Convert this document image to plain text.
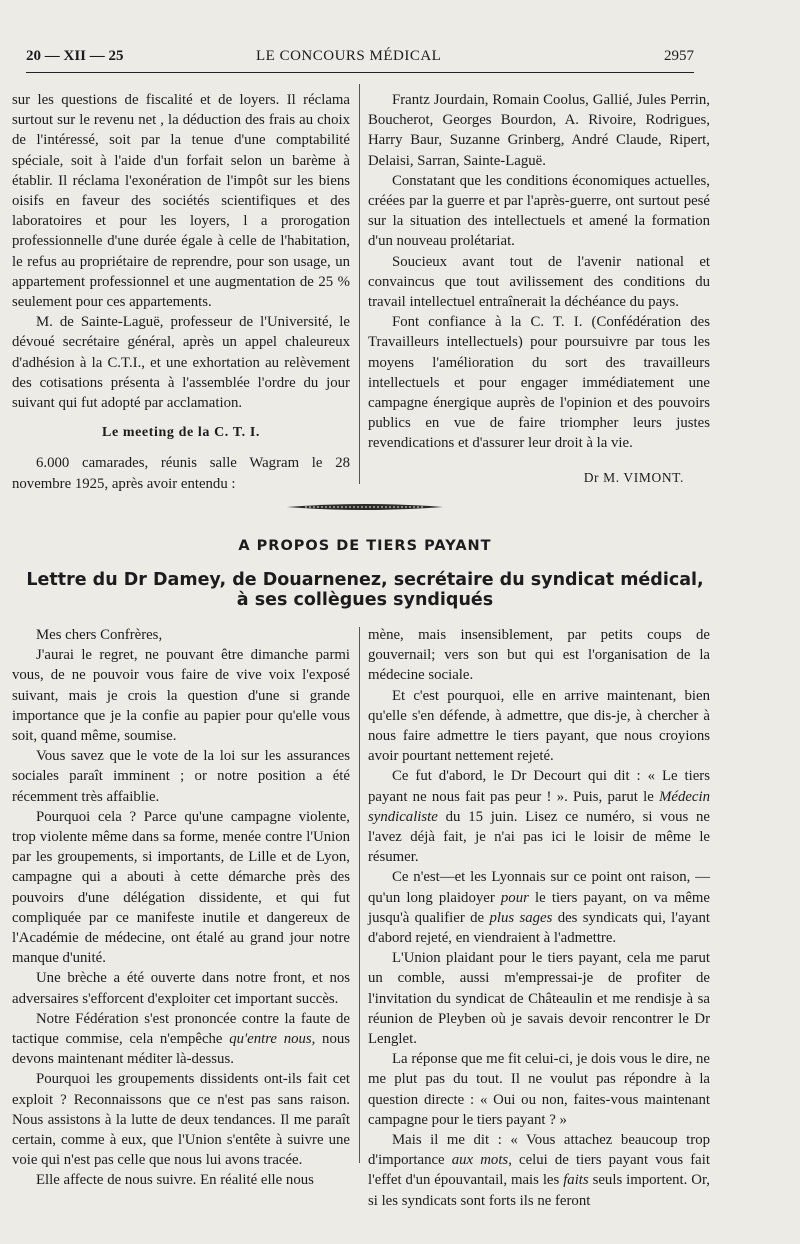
20 — XII — 25	LE CONCOURS MÉDICAL	2957

sur les questions de fiscalité et de loyers. Il réclama surtout sur le revenu net , la déduction des frais au choix de l'intéressé, soit par la tenue d'une comptabilité spéciale, soit à l'aide d'un forfait selon un barème à établir. Il réclama l'exonération de l'impôt sur les biens oisifs en faveur des sociétés scientifiques et des laboratoires et pour les loyers, l a prorogation professionnelle d'une durée égale à celle de l'habitation, le refus au propriétaire de reprendre, pour son usage, un appartement professionnel et une augmentation de 25 % seulement pour ces appartements.

M. de Sainte-Laguë, professeur de l'Université, le dévoué secrétaire général, après un appel chaleureux d'adhésion à la C.T.I., et une exhortation au relèvement des cotisations présenta à l'assemblée l'ordre du jour suivant qui fut adopté par acclamation.

Le meeting de la C. T. I.

6.000 camarades, réunis salle Wagram le 28 novembre 1925, après avoir entendu :

Frantz Jourdain, Romain Coolus, Gallié, Jules Perrin, Boucherot, Georges Bourdon, A. Rivoire, Rodrigues, Harry Baur, Suzanne Grinberg, André Claude, Ripert, Delaisi, Sarran, Sainte-Laguë.

Constatant que les conditions économiques actuelles, créées par la guerre et par l'après-guerre, ont surtout pesé sur la situation des intellectuels et amené la formation d'un nouveau prolétariat.

Soucieux avant tout de l'avenir national et convaincus que tout avilissement des conditions du travail intellectuel entraînerait la déchéance du pays.

Font confiance à la C. T. I. (Confédération des Travailleurs intellectuels) pour poursuivre par tous les moyens l'amélioration du sort des travailleurs intellectuels et pour engager immédiatement une campagne énergique auprès de l'opinion et des pouvoirs publics en vue de faire triompher leurs justes revendications et d'assurer leur droit à la vie.

Dr M. VIMONT.

A PROPOS DE TIERS PAYANT
Lettre du Dr Damey, de Douarnenez, secrétaire du syndicat médical,
à ses collègues syndiqués

Mes chers Confrères,

J'aurai le regret, ne pouvant être dimanche parmi vous, de ne pouvoir vous faire de vive voix l'exposé suivant, mais je crois la question d'une si grande importance que je la confie au papier pour qu'elle vous soit, quand même, soumise.

Vous savez que le vote de la loi sur les assurances sociales paraît imminent ; or notre position a été récemment très affaiblie.

Pourquoi cela ? Parce qu'une campagne violente, trop violente même dans sa forme, menée contre l'Union par les groupements, si importants, de Lille et de Lyon, campagne qui a abouti à cette démarche près des pouvoirs d'une délégation dissidente, et qui fut compliquée par ce manifeste inutile et dangereux de l'Académie de médecine, ont étalé au grand jour notre manque d'unité.

Une brèche a été ouverte dans notre front, et nos adversaires s'efforcent d'exploiter cet important succès.

Notre Fédération s'est prononcée contre la faute de tactique commise, cela n'empêche qu'entre nous, nous devons maintenant méditer là-dessus.

Pourquoi les groupements dissidents ont-ils fait cet exploit ? Reconnaissons que ce n'est pas sans raison. Nous assistons à la lutte de deux tendances. Il me paraît certain, comme à eux, que l'Union s'entête à suivre une voie qui n'est pas celle que nous lui avons tracée.

Elle affecte de nous suivre. En réalité elle nous

mène, mais insensiblement, par petits coups de gouvernail; vers son but qui est l'organisation de la médecine sociale.

Et c'est pourquoi, elle en arrive maintenant, bien qu'elle s'en défende, à admettre, que dis-je, à chercher à nous faire admettre le tiers payant, que nous croyions avoir pourtant nettement rejeté.

Ce fut d'abord, le Dr Decourt qui dit : « Le tiers payant ne nous fait pas peur ! ». Puis, parut le Médecin syndicaliste du 15 juin. Lisez ce numéro, si vous ne l'avez déjà fait, je n'ai pas ici le loisir de même le résumer.

Ce n'est—et les Lyonnais sur ce point ont raison, — qu'un long plaidoyer pour le tiers payant, on va même jusqu'à qualifier de plus sages des syndicats qui, l'ayant d'abord rejeté, en viendraient à l'admettre.

L'Union plaidant pour le tiers payant, cela me parut un comble, aussi m'empressai-je de profiter de l'invitation du syndicat de Châteaulin et me rendisje à sa réunion de Pleyben où je savais devoir rencontrer le Dr Lenglet.

La réponse que me fit celui-ci, je dois vous le dire, ne me plut pas du tout. Il ne voulut pas répondre à la question directe : « Oui ou non, faites-vous maintenant campagne pour le tiers payant ? »

Mais il me dit : « Vous attachez beaucoup trop d'importance aux mots, celui de tiers payant vous fait l'effet d'un épouvantail, mais les faits seuls importent. Or, si les syndicats sont forts ils ne feront
